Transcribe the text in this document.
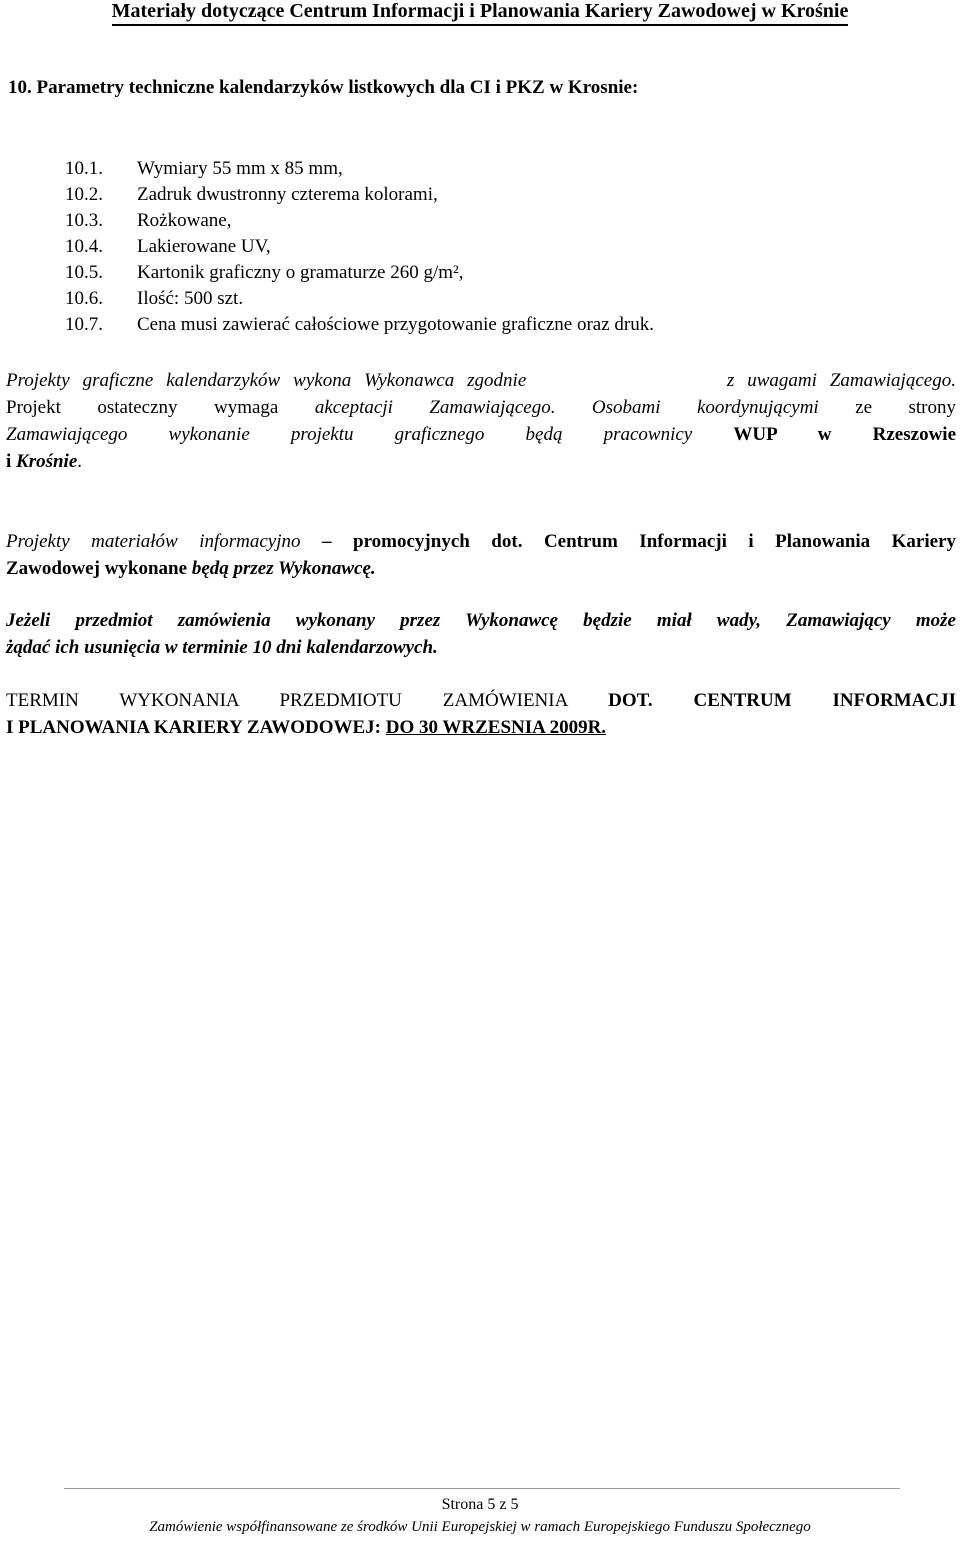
Materiały dotyczące Centrum Informacji i Planowania Kariery Zawodowej w Krośnie
10. Parametry techniczne kalendarzyków listkowych dla CI i PKZ w Krosnie:
10.1. Wymiary 55 mm x 85 mm,
10.2. Zadruk dwustronny czterema kolorami,
10.3. Rożkowane,
10.4. Lakierowane UV,
10.5. Kartonik graficzny o gramaturze 260 g/m²,
10.6. Ilość: 500 szt.
10.7. Cena musi zawierać całościowe przygotowanie graficzne oraz druk.
Projekty graficzne kalendarzyków wykona Wykonawca zgodnie	z uwagami Zamawiającego.
Projekt ostateczny wymaga akceptacji Zamawiającego. Osobami koordynującymi ze strony
Zamawiającego wykonanie projektu graficznego będą pracownicy WUP w Rzeszowie
i Krośnie.
Projekty materiałów informacyjno – promocyjnych dot. Centrum Informacji i Planowania Kariery
Zawodowej wykonane będą przez Wykonawcę.
Jeżeli przedmiot zamówienia wykonany przez Wykonawcę będzie miał wady, Zamawiający może
żądać ich usunięcia w terminie 10 dni kalendarzowych.
TERMIN WYKONANIA PRZEDMIOTU ZAMÓWIENIA DOT. CENTRUM INFORMACJI
I PLANOWANIA KARIERY ZAWODOWEJ: DO 30 WRZESNIA 2009R.
Strona 5 z 5
Zamówienie współfinansowane ze środków Unii Europejskiej w ramach Europejskiego Funduszu Społecznego
